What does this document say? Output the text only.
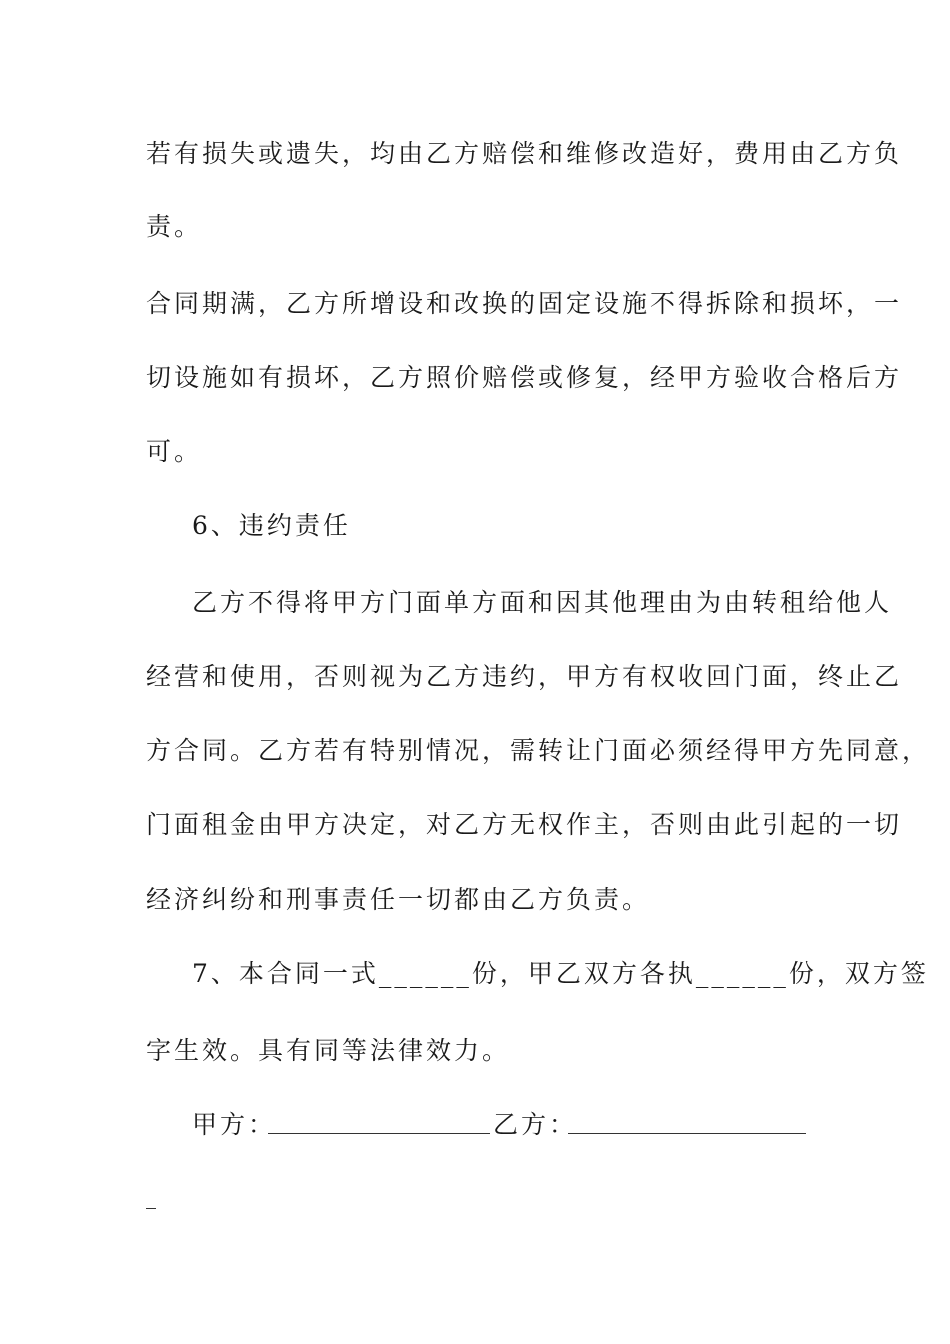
若有损失或遗失，均由乙方赔偿和维修改造好，费用由乙方负
责。
合同期满，乙方所增设和改换的固定设施不得拆除和损坏，一
切设施如有损坏，乙方照价赔偿或修复，经甲方验收合格后方
可。
6、违约责任
乙方不得将甲方门面单方面和因其他理由为由转租给他人
经营和使用，否则视为乙方违约，甲方有权收回门面，终止乙
方合同。乙方若有特别情况，需转让门面必须经得甲方先同意，
门面租金由甲方决定，对乙方无权作主，否则由此引起的一切
经济纠纷和刑事责任一切都由乙方负责。
7、本合同一式______份，甲乙双方各执______份，双方签
字生效。具有同等法律效力。
甲方：	乙方：
